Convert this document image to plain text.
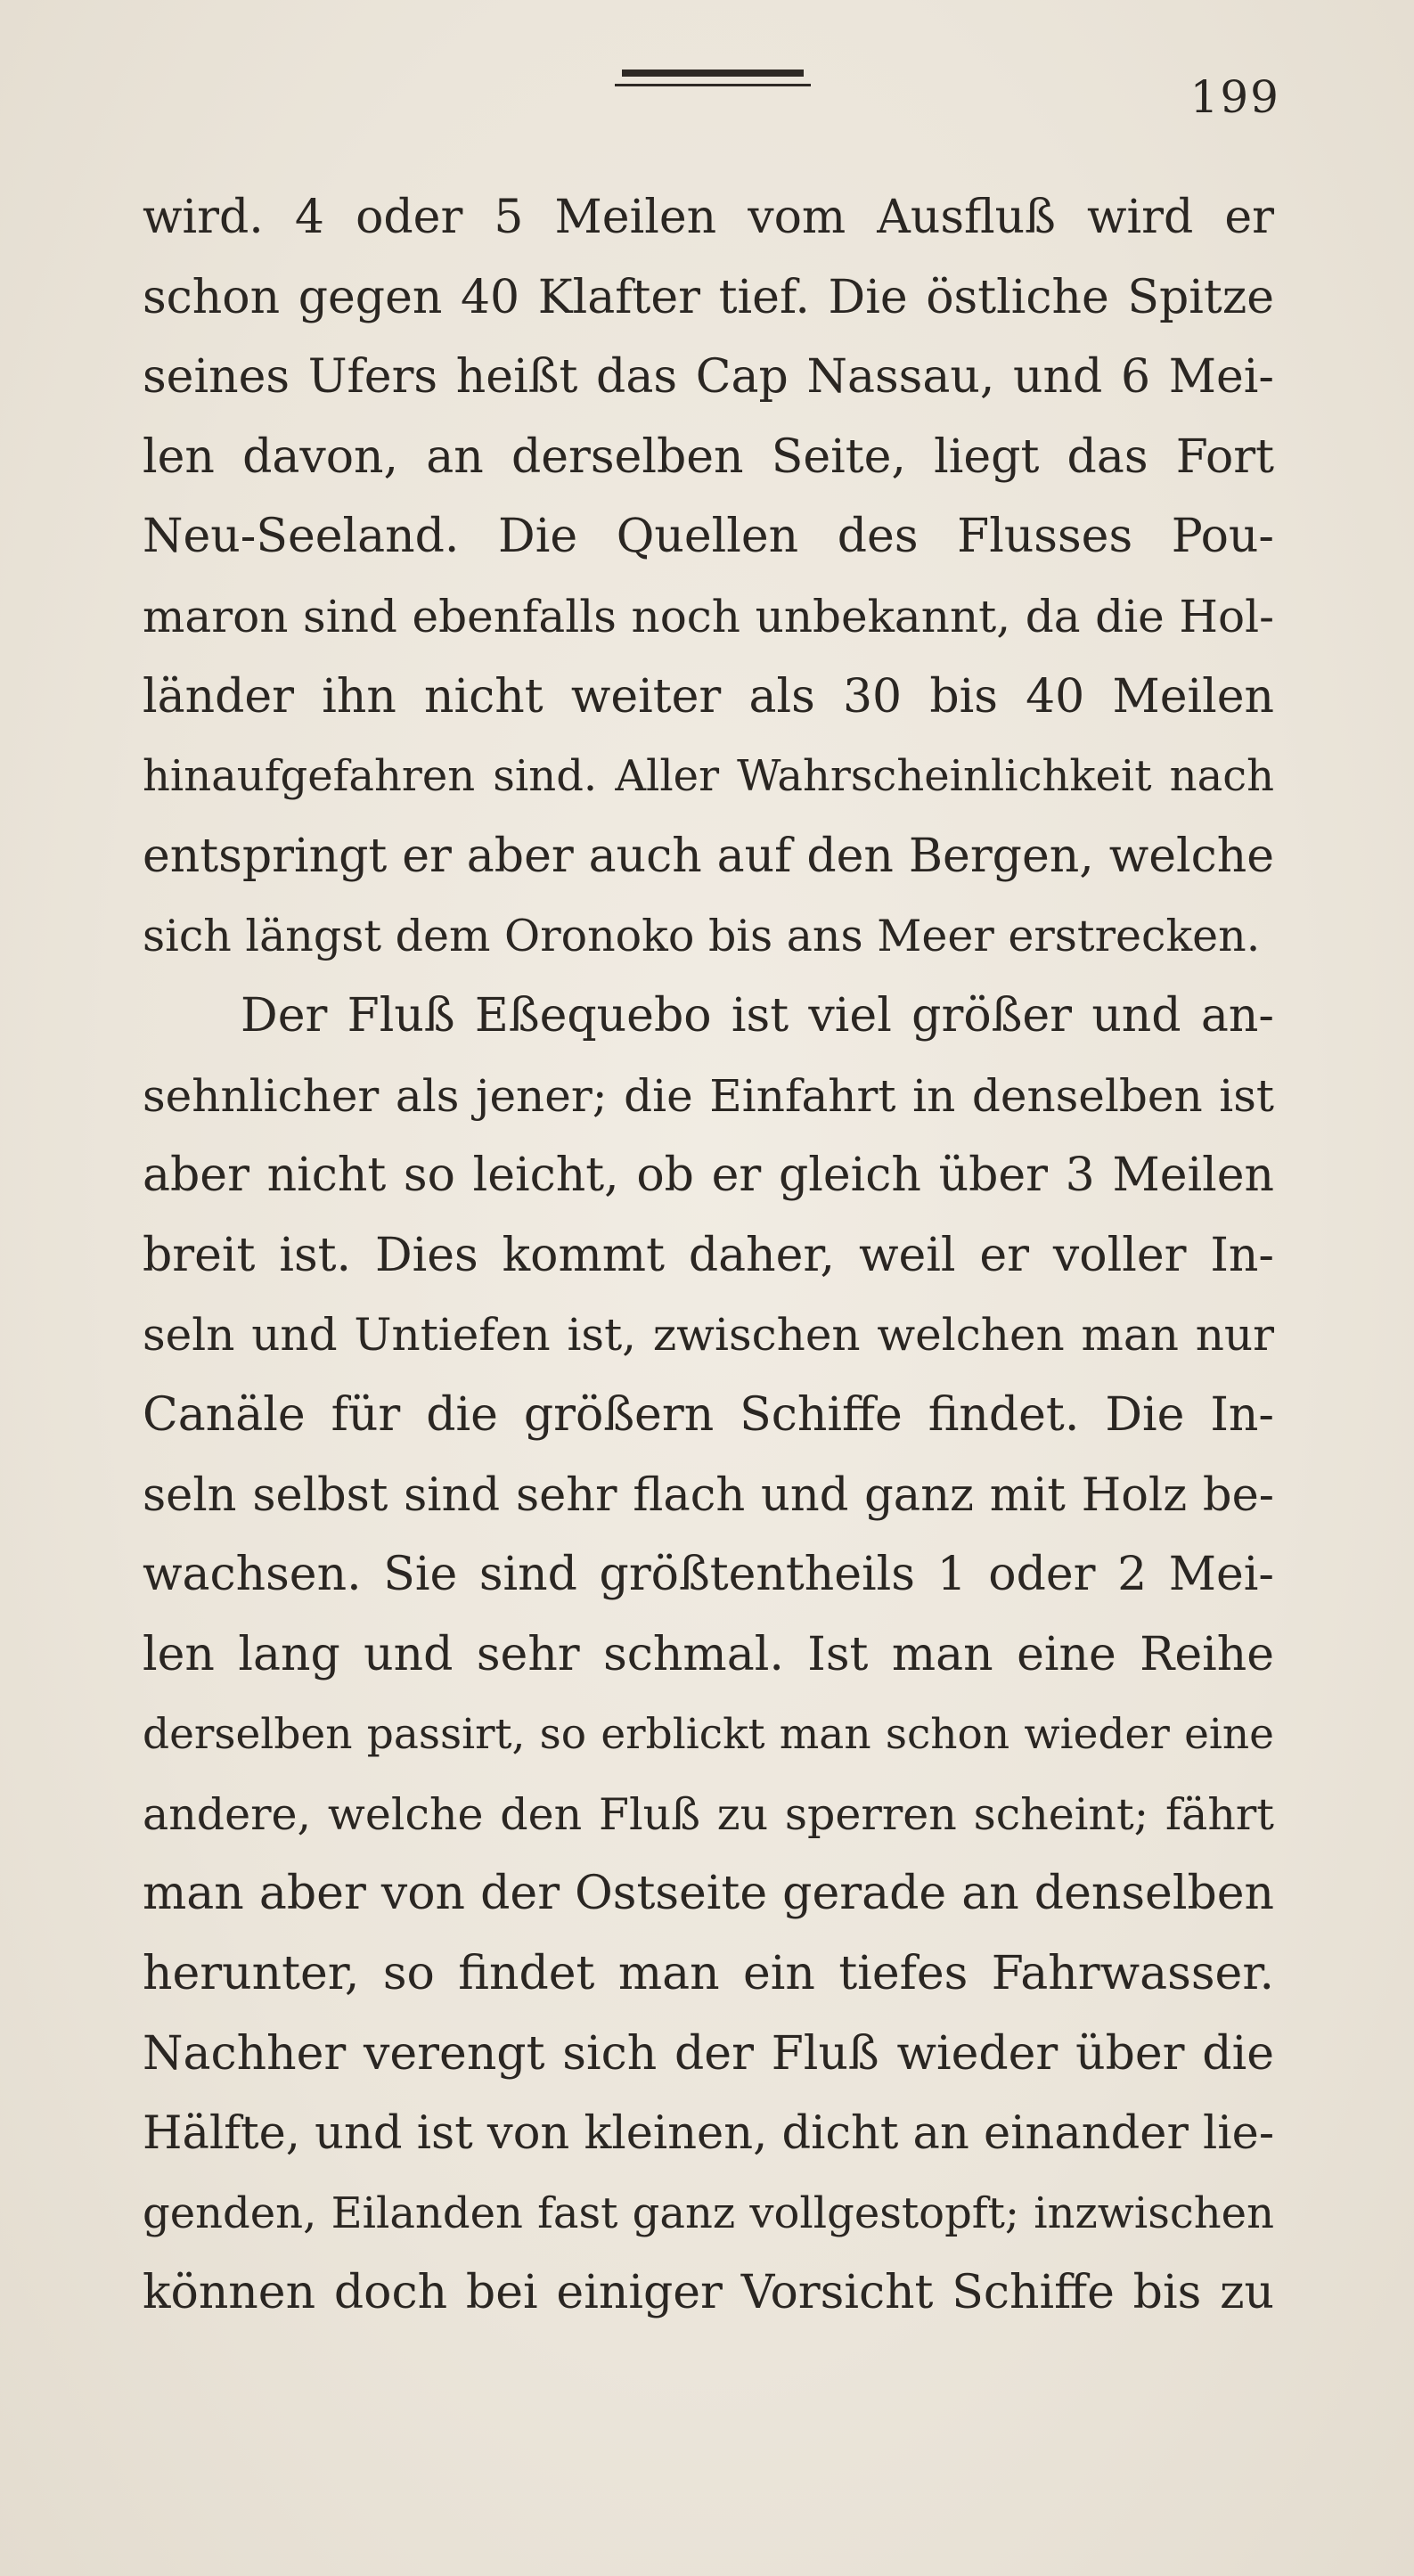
199
wird. 4 oder 5 Meilen vom Ausfluß wird er
schon gegen 40 Klafter tief. Die östliche Spitze
seines Ufers heißt das Cap Nassau, und 6 Mei-
len davon, an derselben Seite, liegt das Fort
Neu-Seeland. Die Quellen des Flusses Pou-
maron sind ebenfalls noch unbekannt, da die Hol-
länder ihn nicht weiter als 30 bis 40 Meilen
hinaufgefahren sind. Aller Wahrscheinlichkeit nach
entspringt er aber auch auf den Bergen, welche
sich längst dem Oronoko bis ans Meer erstrecken.
Der Fluß Eßequebo ist viel größer und an-
sehnlicher als jener; die Einfahrt in denselben ist
aber nicht so leicht, ob er gleich über 3 Meilen
breit ist. Dies kommt daher, weil er voller In-
seln und Untiefen ist, zwischen welchen man nur
Canäle für die größern Schiffe findet. Die In-
seln selbst sind sehr flach und ganz mit Holz be-
wachsen. Sie sind größtentheils 1 oder 2 Mei-
len lang und sehr schmal. Ist man eine Reihe
derselben passirt, so erblickt man schon wieder eine
andere, welche den Fluß zu sperren scheint; fährt
man aber von der Ostseite gerade an denselben
herunter, so findet man ein tiefes Fahrwasser.
Nachher verengt sich der Fluß wieder über die
Hälfte, und ist von kleinen, dicht an einander lie-
genden, Eilanden fast ganz vollgestopft; inzwischen
können doch bei einiger Vorsicht Schiffe bis zu
